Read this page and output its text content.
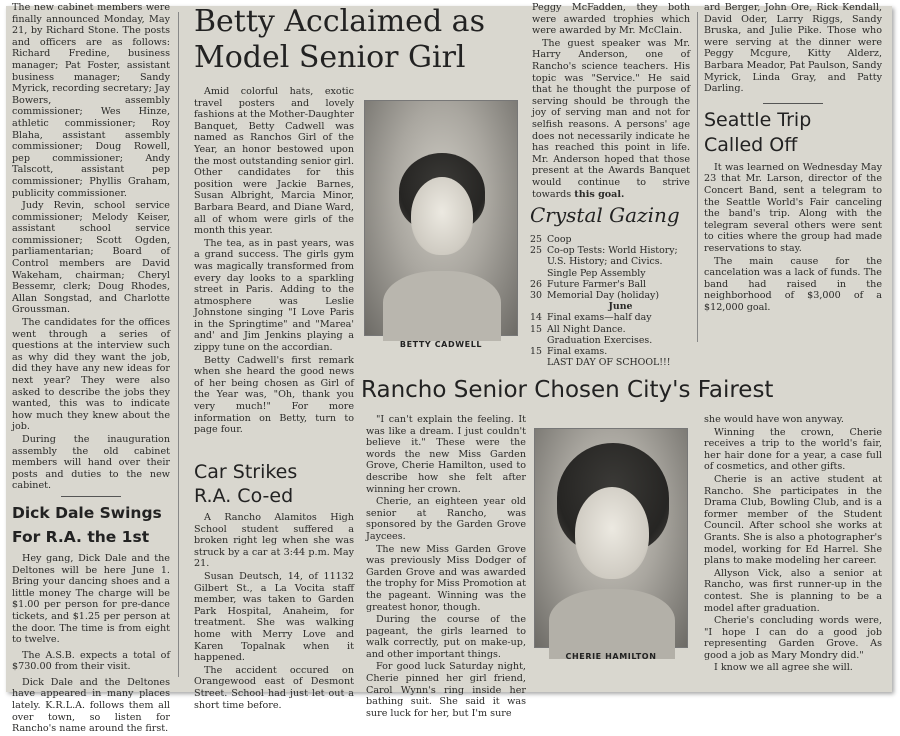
The new cabinet members were finally announced Monday, May 21, by Richard Stone. The posts and officers are as follows: Richard Fredine, business manager; Pat Foster, assistant business manager; Sandy Myrick, recording secretary; Jay Bowers, assembly commissioner; Wes Hinze, athletic commissioner; Roy Blaha, assistant assembly commissioner; Doug Rowell, pep commissioner; Andy Talscott, assistant pep commissioner; Phyllis Graham, publicity commissioner.

Judy Revin, school service commissioner; Melody Keiser, assistant school service commissioner; Scott Ogden, parliamentarian; Board of Control members are David Wakeham, chairman; Cheryl Bessemr, clerk; Doug Rhodes, Allan Songstad, and Charlotte Groussman.

The candidates for the offices went through a series of questions at the interview such as why did they want the job, did they have any new ideas for next year? They were also asked to describe the jobs they wanted, this was to indicate how much they knew about the job.

During the inauguration assembly the old cabinet members will hand over their posts and duties to the new cabinet.

Dick Dale Swings For R.A. the 1st

Hey gang, Dick Dale and the Deltones will be here June 1. Bring your dancing shoes and a little money The charge will be $1.00 per person for pre-dance tickets, and $1.25 per person at the door. The time is from eight to twelve.

The A.S.B. expects a total of $730.00 from their visit.

Dick Dale and the Deltones have appeared in many places lately. K.R.L.A. follows them all over town, so listen for Rancho's name around the first.

Betty Acclaimed as Model Senior Girl

Amid colorful hats, exotic travel posters and lovely fashions at the Mother-Daughter Banquet, Betty Cadwell was named as Ranchos Girl of the Year, an honor bestowed upon the most outstanding senior girl. Other candidates for this position were Jackie Barnes, Susan Albright, Marcia Minor, Barbara Beard, and Diane Ward, all of whom were girls of the month this year.

The tea, as in past years, was a grand success. The girls gym was magically transformed from every day looks to a sparkling street in Paris. Adding to the atmosphere was Leslie Johnstone singing "I Love Paris in the Springtime" and "Marea' and' and Jim Jenkins playing a zippy tune on the accordian.

Betty Cadwell's first remark when she heard the good news of her being chosen as Girl of the Year was, "Oh, thank you very much!" For more information on Betty, turn to page four.

BETTY CADWELL

Peggy McFadden, they both were awarded trophies which were awarded by Mr. McClain.

The guest speaker was Mr. Harry Anderson, one of Rancho's science teachers. His topic was "Service." He said that he thought the purpose of serving should be through the joy of serving man and not for selfish reasons. A persons' age does not necessarily indicate he has reached this point in life. Mr. Anderson hoped that those present at the Awards Banquet would continue to strive towards this goal.

Crystal Gazing
25 Coop
25 Co-op Tests: World History; U.S. History; and Civics.
Single Pep Assembly
26 Future Farmer's Ball
30 Memorial Day (holiday)
June
14 Final exams—half day
15 All Night Dance.
Graduation Exercises.
15 Final exams.
LAST DAY OF SCHOOL!!!

ard Berger, John Ore, Rick Kendall, David Oder, Larry Riggs, Sandy Bruska, and Julie Pike. Those who were serving at the dinner were Peggy Mcgure, Kitty Alderz, Barbara Meador, Pat Paulson, Sandy Myrick, Linda Gray, and Patty Darling.

Seattle Trip Called Off

It was learned on Wednesday May 23 that Mr. Larson, director of the Concert Band, sent a telegram to the Seattle World's Fair canceling the band's trip. Along with the telegram several others were sent to cities where the group had made reservations to stay.

The main cause for the cancelation was a lack of funds. The band had raised in the neighborhood of $3,000 of a $12,000 goal.

Car Strikes R.A. Co-ed

A Rancho Alamitos High School student suffered a broken right leg when she was struck by a car at 3:44 p.m. May 21.

Susan Deutsch, 14, of 11132 Gilbert St., a La Vocita staff member, was taken to Garden Park Hospital, Anaheim, for treatment. She was walking home with Merry Love and Karen Topalnak when it happened.

The accident occured on Orangewood east of Desmont Street. School had just let out a short time before.

Rancho Senior Chosen City's Fairest

"I can't explain the feeling. It was like a dream. I just couldn't believe it." These were the words the new Miss Garden Grove, Cherie Hamilton, used to describe how she felt after winning her crown.

Cherie, an eighteen year old senior at Rancho, was sponsored by the Garden Grove Jaycees.

The new Miss Garden Grove was previously Miss Dodger of Garden Grove and was awarded the trophy for Miss Promotion at the pageant. Winning was the greatest honor, though.

During the course of the pageant, the girls learned to walk correctly, put on make-up, and other important things.

For good luck Saturday night, Cherie pinned her girl friend, Carol Wynn's ring inside her bathing suit. She said it was sure luck for her, but I'm sure

CHERIE HAMILTON

she would have won anyway.

Winning the crown, Cherie receives a trip to the world's fair, her hair done for a year, a case full of cosmetics, and other gifts.

Cherie is an active student at Rancho. She participates in the Drama Club, Bowling Club, and is a former member of the Student Council. After school she works at Grants. She is also a photographer's model, working for Ed Harrel. She plans to make modeling her career.

Allyson Vick, also a senior at Rancho, was first runner-up in the contest. She is planning to be a model after graduation.

Cherie's concluding words were, "I hope I can do a good job representing Garden Grove. As good a job as Mary Mondry did."

I know we all agree she will.
